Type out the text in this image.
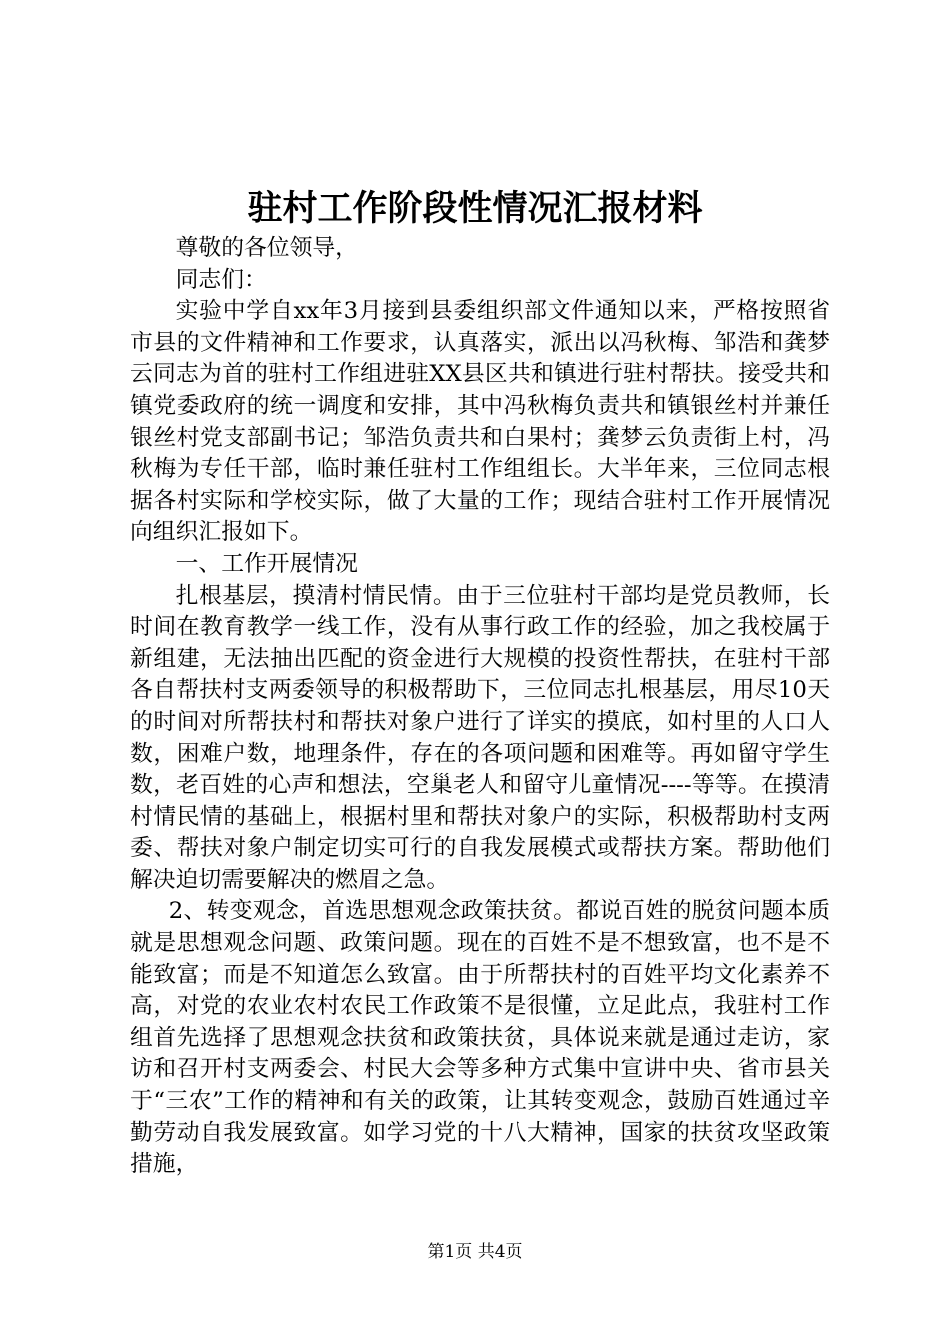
驻村工作阶段性情况汇报材料

尊敬的各位领导，

同志们：

实验中学自xx年3月接到县委组织部文件通知以来，严格按照省市县的文件精神和工作要求，认真落实，派出以冯秋梅、邹浩和龚梦云同志为首的驻村工作组进驻XX县区共和镇进行驻村帮扶。接受共和镇党委政府的统一调度和安排，其中冯秋梅负责共和镇银丝村并兼任银丝村党支部副书记；邹浩负责共和白果村；龚梦云负责街上村，冯秋梅为专任干部，临时兼任驻村工作组组长。大半年来，三位同志根据各村实际和学校实际，做了大量的工作；现结合驻村工作开展情况向组织汇报如下。

一、工作开展情况

扎根基层，摸清村情民情。由于三位驻村干部均是党员教师，长时间在教育教学一线工作，没有从事行政工作的经验，加之我校属于新组建，无法抽出匹配的资金进行大规模的投资性帮扶，在驻村干部各自帮扶村支两委领导的积极帮助下，三位同志扎根基层，用尽10天的时间对所帮扶村和帮扶对象户进行了详实的摸底，如村里的人口人数，困难户数，地理条件，存在的各项问题和困难等。再如留守学生数，老百姓的心声和想法，空巢老人和留守儿童情况----等等。在摸清村情民情的基础上，根据村里和帮扶对象户的实际，积极帮助村支两委、帮扶对象户制定切实可行的自我发展模式或帮扶方案。帮助他们解决迫切需要解决的燃眉之急。

2、转变观念，首选思想观念政策扶贫。都说百姓的脱贫问题本质就是思想观念问题、政策问题。现在的百姓不是不想致富，也不是不能致富；而是不知道怎么致富。由于所帮扶村的百姓平均文化素养不高，对党的农业农村农民工作政策不是很懂，立足此点，我驻村工作组首先选择了思想观念扶贫和政策扶贫，具体说来就是通过走访，家访和召开村支两委会、村民大会等多种方式集中宣讲中央、省市县关于“三农”工作的精神和有关的政策，让其转变观念，鼓励百姓通过辛勤劳动自我发展致富。如学习党的十八大精神，国家的扶贫攻坚政策措施，

第1页 共4页
